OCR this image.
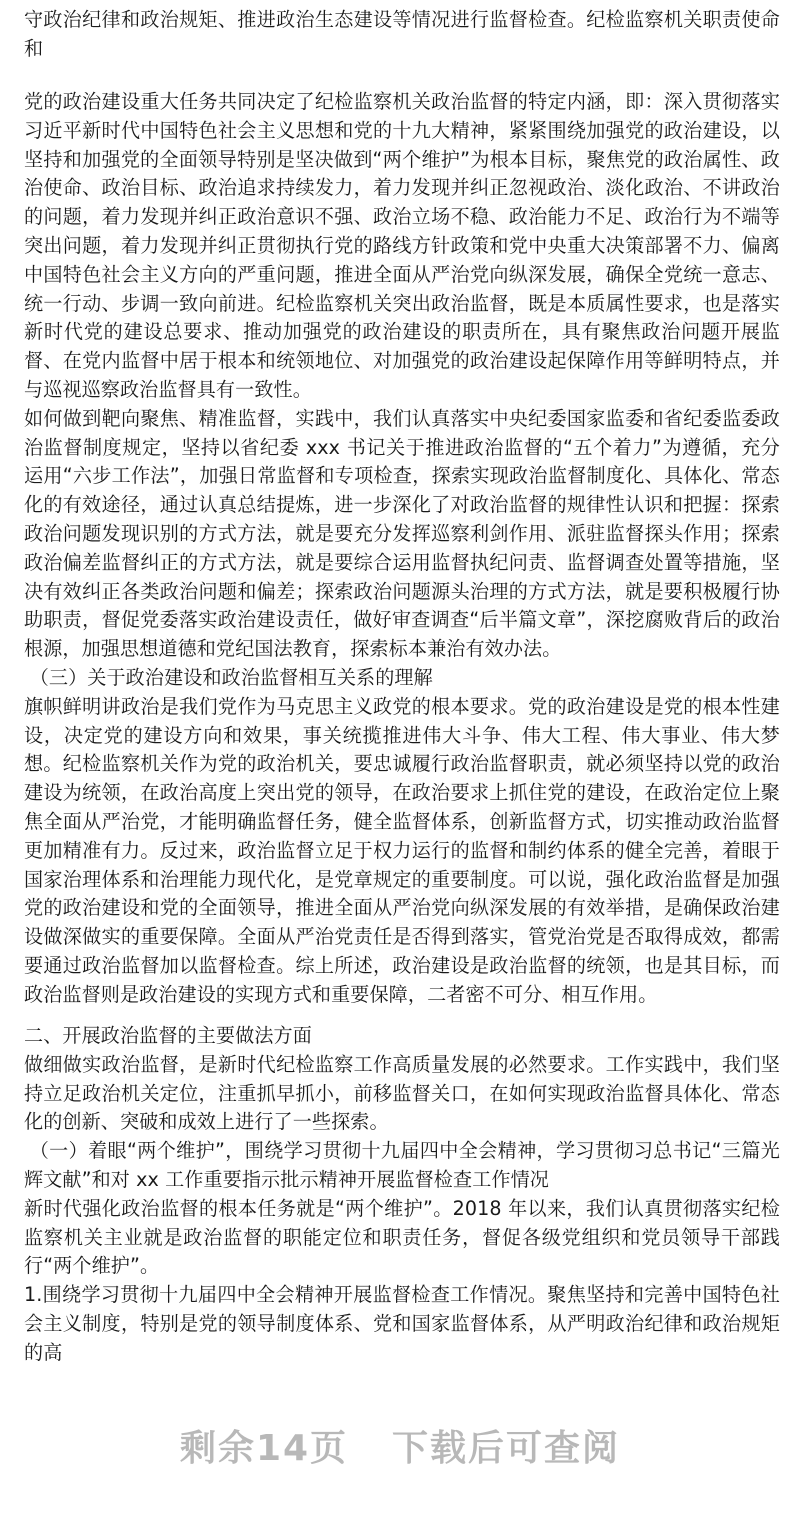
守政治纪律和政治规矩、推进政治生态建设等情况进行监督检查。纪检监察机关职责使命和

党的政治建设重大任务共同决定了纪检监察机关政治监督的特定内涵，即：深入贯彻落实习近平新时代中国特色社会主义思想和党的十九大精神，紧紧围绕加强党的政治建设，以坚持和加强党的全面领导特别是坚决做到“两个维护”为根本目标，聚焦党的政治属性、政治使命、政治目标、政治追求持续发力，着力发现并纠正忽视政治、淡化政治、不讲政治的问题，着力发现并纠正政治意识不强、政治立场不稳、政治能力不足、政治行为不端等突出问题，着力发现并纠正贯彻执行党的路线方针政策和党中央重大决策部署不力、偏离中国特色社会主义方向的严重问题，推进全面从严治党向纵深发展，确保全党统一意志、统一行动、步调一致向前进。纪检监察机关突出政治监督，既是本质属性要求，也是落实新时代党的建设总要求、推动加强党的政治建设的职责所在，具有聚焦政治问题开展监督、在党内监督中居于根本和统领地位、对加强党的政治建设起保障作用等鲜明特点，并与巡视巡察政治监督具有一致性。

如何做到靶向聚焦、精准监督，实践中，我们认真落实中央纪委国家监委和省纪委监委政治监督制度规定，坚持以省纪委 xxx 书记关于推进政治监督的“五个着力”为遵循，充分运用“六步工作法”，加强日常监督和专项检查，探索实现政治监督制度化、具体化、常态化的有效途径，通过认真总结提炼，进一步深化了对政治监督的规律性认识和把握：探索政治问题发现识别的方式方法，就是要充分发挥巡察利剑作用、派驻监督探头作用；探索政治偏差监督纠正的方式方法，就是要综合运用监督执纪问责、监督调查处置等措施，坚决有效纠正各类政治问题和偏差；探索政治问题源头治理的方式方法，就是要积极履行协助职责，督促党委落实政治建设责任，做好审查调查“后半篇文章”，深挖腐败背后的政治根源，加强思想道德和党纪国法教育，探索标本兼治有效办法。

（三）关于政治建设和政治监督相互关系的理解

旗帜鲜明讲政治是我们党作为马克思主义政党的根本要求。党的政治建设是党的根本性建设，决定党的建设方向和效果，事关统揽推进伟大斗争、伟大工程、伟大事业、伟大梦想。纪检监察机关作为党的政治机关，要忠诚履行政治监督职责，就必须坚持以党的政治建设为统领，在政治高度上突出党的领导，在政治要求上抓住党的建设，在政治定位上聚焦全面从严治党，才能明确监督任务，健全监督体系，创新监督方式，切实推动政治监督更加精准有力。反过来，政治监督立足于权力运行的监督和制约体系的健全完善，着眼于国家治理体系和治理能力现代化，是党章规定的重要制度。可以说，强化政治监督是加强党的政治建设和党的全面领导，推进全面从严治党向纵深发展的有效举措，是确保政治建设做深做实的重要保障。全面从严治党责任是否得到落实，管党治党是否取得成效，都需要通过政治监督加以监督检查。综上所述，政治建设是政治监督的统领，也是其目标，而政治监督则是政治建设的实现方式和重要保障，二者密不可分、相互作用。

二、开展政治监督的主要做法方面

做细做实政治监督，是新时代纪检监察工作高质量发展的必然要求。工作实践中，我们坚持立足政治机关定位，注重抓早抓小，前移监督关口，在如何实现政治监督具体化、常态化的创新、突破和成效上进行了一些探索。

（一）着眼“两个维护”，围绕学习贯彻十九届四中全会精神，学习贯彻习总书记“三篇光辉文献”和对 xx 工作重要指示批示精神开展监督检查工作情况

新时代强化政治监督的根本任务就是“两个维护”。2018 年以来，我们认真贯彻落实纪检监察机关主业就是政治监督的职能定位和职责任务，督促各级党组织和党员领导干部践行“两个维护”。

1.围绕学习贯彻十九届四中全会精神开展监督检查工作情况。聚焦坚持和完善中国特色社会主义制度，特别是党的领导制度体系、党和国家监督体系，从严明政治纪律和政治规矩的高

剩余14页 下载后可查阅
